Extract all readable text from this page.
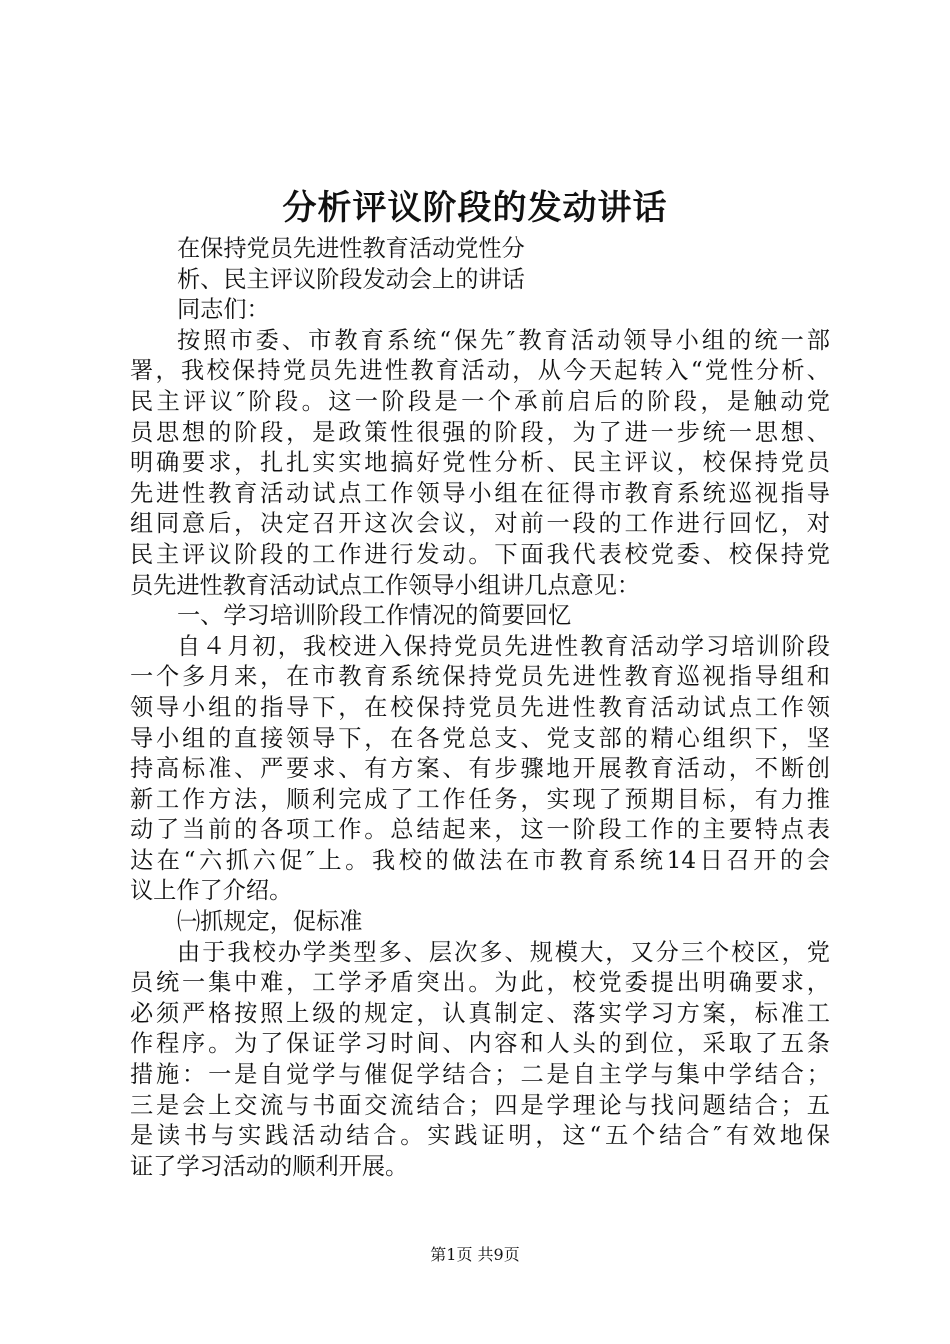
分析评议阶段的发动讲话
在保持党员先进性教育活动党性分
析、民主评议阶段发动会上的讲话
同志们：
按照市委、市教育系统“保先″教育活动领导小组的统一部
署，我校保持党员先进性教育活动，从今天起转入“党性分析、
民主评议″阶段。这一阶段是一个承前启后的阶段，是触动党
员思想的阶段，是政策性很强的阶段，为了进一步统一思想、
明确要求，扎扎实实地搞好党性分析、民主评议，校保持党员
先进性教育活动试点工作领导小组在征得市教育系统巡视指导
组同意后，决定召开这次会议，对前一段的工作进行回忆，对
民主评议阶段的工作进行发动。下面我代表校党委、校保持党
员先进性教育活动试点工作领导小组讲几点意见：
一、学习培训阶段工作情况的简要回忆
自４月初，我校进入保持党员先进性教育活动学习培训阶段
一个多月来，在市教育系统保持党员先进性教育巡视指导组和
领导小组的指导下，在校保持党员先进性教育活动试点工作领
导小组的直接领导下，在各党总支、党支部的精心组织下，坚
持高标准、严要求、有方案、有步骤地开展教育活动，不断创
新工作方法，顺利完成了工作任务，实现了预期目标，有力推
动了当前的各项工作。总结起来，这一阶段工作的主要特点表
达在“六抓六促″上。我校的做法在市教育系统14日召开的会
议上作了介绍。
㈠抓规定，促标准
由于我校办学类型多、层次多、规模大，又分三个校区，党
员统一集中难，工学矛盾突出。为此，校党委提出明确要求，
必须严格按照上级的规定，认真制定、落实学习方案，标准工
作程序。为了保证学习时间、内容和人头的到位，采取了五条
措施：一是自觉学与催促学结合；二是自主学与集中学结合；
三是会上交流与书面交流结合；四是学理论与找问题结合；五
是读书与实践活动结合。实践证明，这“五个结合″有效地保
证了学习活动的顺利开展。
第1页 共9页
